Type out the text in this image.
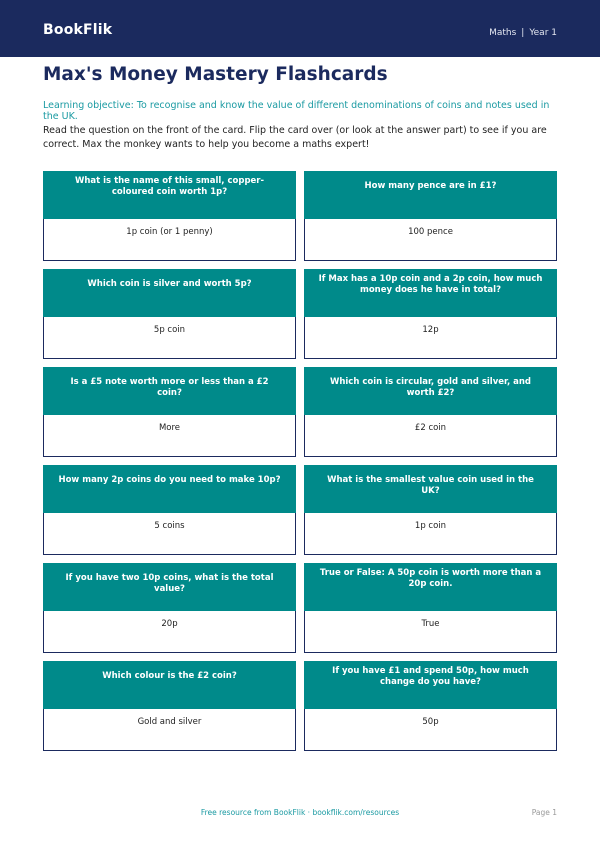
BookFlik	Maths | Year 1
Max's Money Mastery Flashcards
Learning objective: To recognise and know the value of different denominations of coins and notes used in the UK.
Read the question on the front of the card. Flip the card over (or look at the answer part) to see if you are correct. Max the monkey wants to help you become a maths expert!
What is the name of this small, copper-coloured coin worth 1p?
1p coin (or 1 penny)
How many pence are in £1?
100 pence
Which coin is silver and worth 5p?
5p coin
If Max has a 10p coin and a 2p coin, how much money does he have in total?
12p
Is a £5 note worth more or less than a £2 coin?
More
Which coin is circular, gold and silver, and worth £2?
£2 coin
How many 2p coins do you need to make 10p?
5 coins
What is the smallest value coin used in the UK?
1p coin
If you have two 10p coins, what is the total value?
20p
True or False: A 50p coin is worth more than a 20p coin.
True
Which colour is the £2 coin?
Gold and silver
If you have £1 and spend 50p, how much change do you have?
50p
Free resource from BookFlik · bookflik.com/resources	Page 1
